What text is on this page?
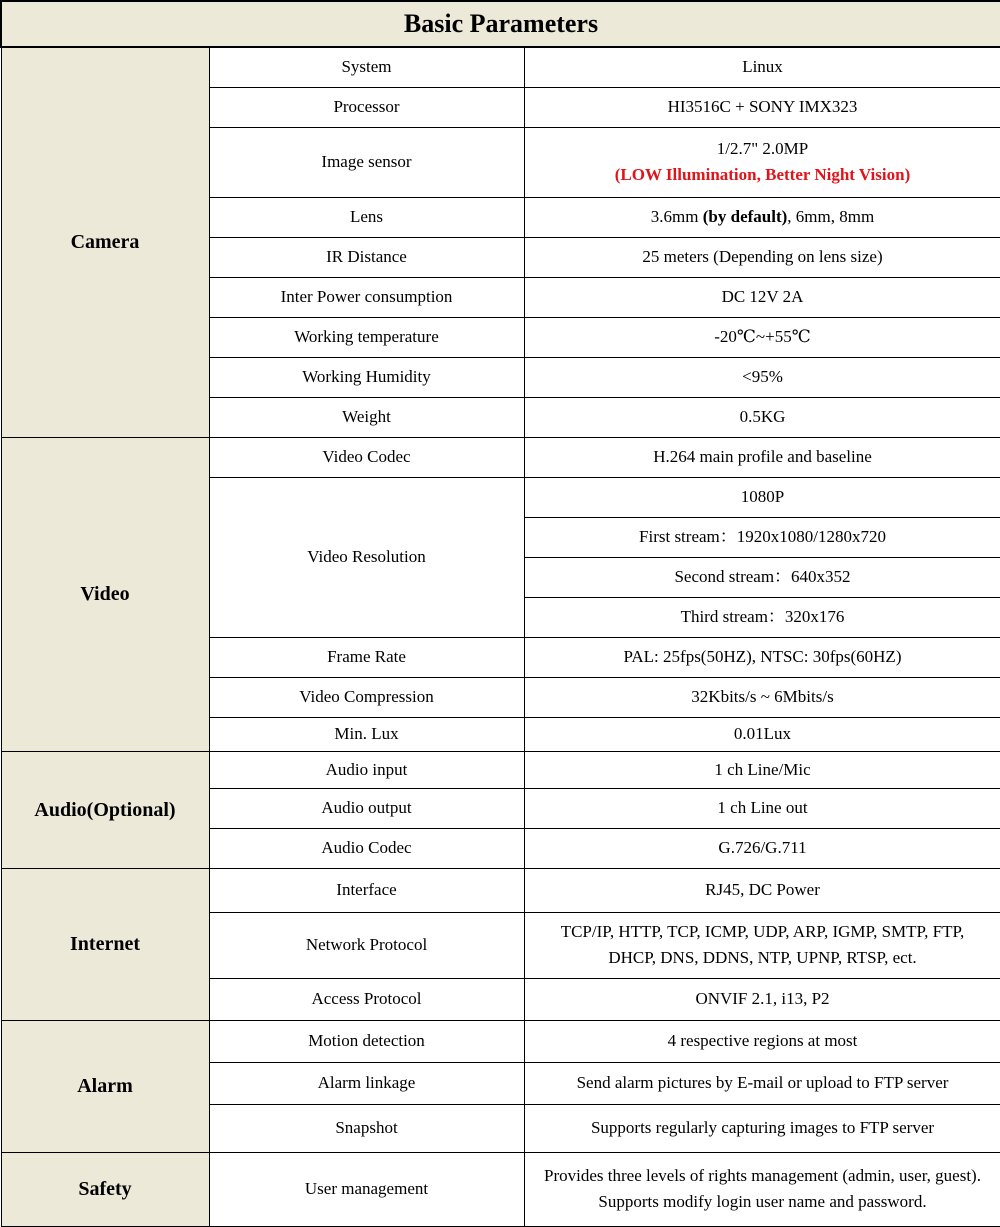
Basic Parameters		
Camera	System	Linux
	Processor	HI3516C + SONY IMX323
	Image sensor	1/2.7" 2.0MP
(LOW Illumination, Better Night Vision)

	Lens	3.6mm (by default), 6mm, 8mm
	IR Distance	25 meters (Depending on lens size)
	Inter Power consumption	DC 12V 2A
	Working temperature	-20℃~+55℃
	Working Humidity	<95%
	Weight	0.5KG
Video	Video Codec	H.264 main profile and baseline
	Video Resolution	1080P
		First stream：1920x1080/1280x720
		Second stream：640x352
		Third stream：320x176
	Frame Rate	PAL: 25fps(50HZ), NTSC: 30fps(60HZ)
	Video Compression	32Kbits/s ~ 6Mbits/s
	Min. Lux	0.01Lux
Audio(Optional)	Audio input	1 ch Line/Mic
	Audio output	1 ch Line out
	Audio Codec	G.726/G.711
Internet	Interface	RJ45, DC Power
	Network Protocol	TCP/IP, HTTP, TCP, ICMP, UDP, ARP, IGMP, SMTP, FTP,
DHCP, DNS, DDNS, NTP, UPNP, RTSP, ect.

	Access Protocol	ONVIF 2.1, i13, P2
Alarm	Motion detection	4 respective regions at most
	Alarm linkage	Send alarm pictures by E-mail or upload to FTP server
	Snapshot	Supports regularly capturing images to FTP server
Safety	User management	Provides three levels of rights management (admin, user, guest).
Supports modify login user name and password.
